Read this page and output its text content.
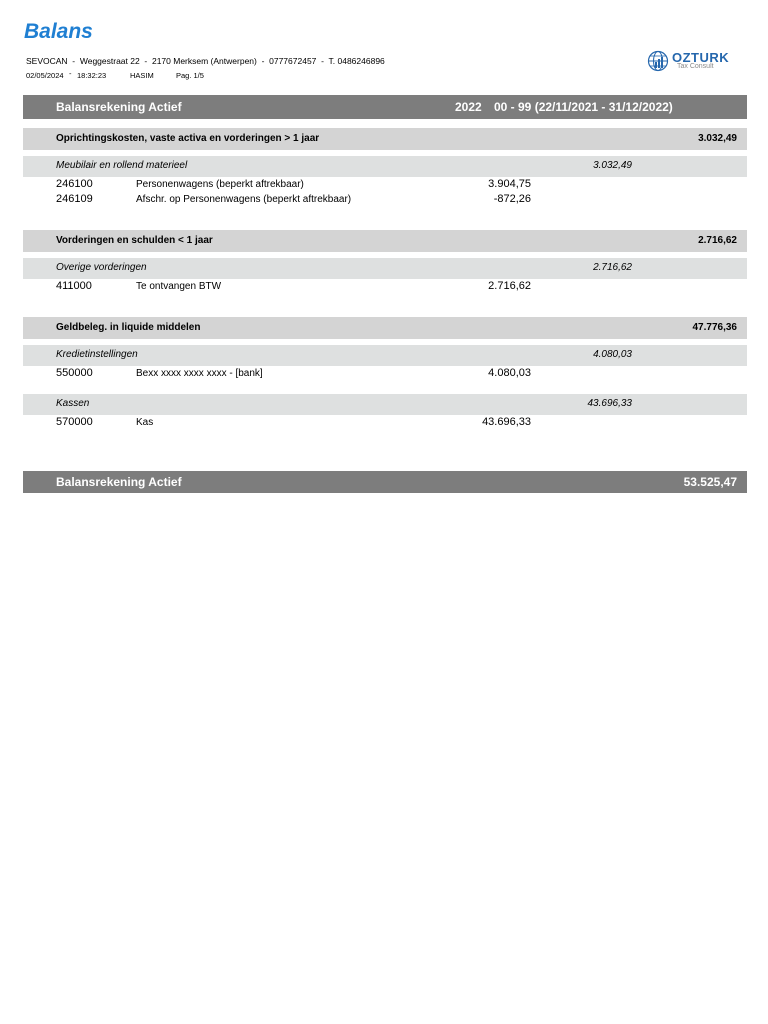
Balans
SEVOCAN  -  Weggestraat 22  -  2170 Merksem (Antwerpen)  -  0777672457  -  T. 0486246896
02/05/2024 - 18:32:23	HASIM	Pag. 1/5
OZTURK
Tax Consult
Balansrekening Actief	2022 00 - 99 (22/11/2021 - 31/12/2022)
Oprichtingskosten, vaste activa en vorderingen > 1 jaar	3.032,49
Meubilair en rollend materieel	3.032,49
246100	Personenwagens (beperkt aftrekbaar)	3.904,75
246109	Afschr. op Personenwagens (beperkt aftrekbaar)	-872,26
Vorderingen en schulden < 1 jaar	2.716,62
Overige vorderingen	2.716,62
411000	Te ontvangen BTW	2.716,62
Geldbeleg. in liquide middelen	47.776,36
Kredietinstellingen	4.080,03
550000	Bexx xxxx xxxx xxxx - [bank]	4.080,03
Kassen	43.696,33
570000	Kas	43.696,33
Balansrekening Actief	53.525,47
